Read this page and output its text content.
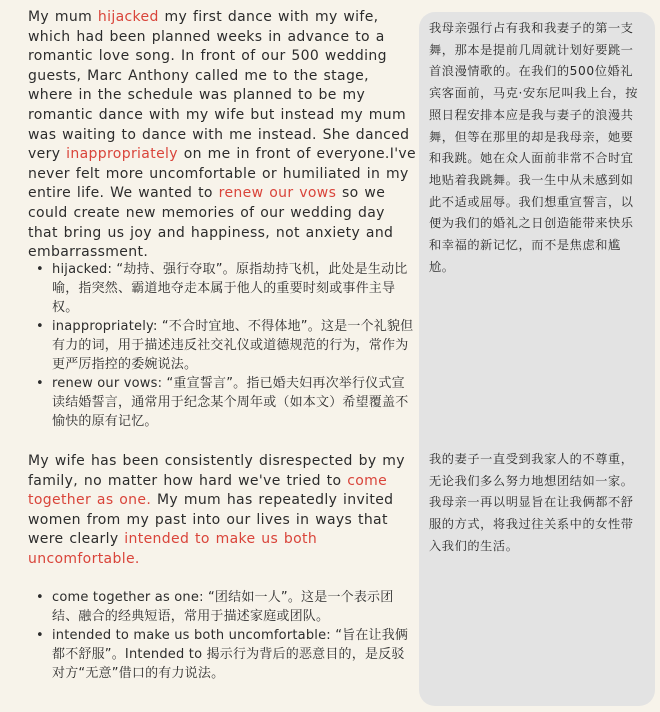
My mum hijacked my first dance with my wife, which had been planned weeks in advance to a romantic love song. In front of our 500 wedding guests, Marc Anthony called me to the stage, where in the schedule was planned to be my romantic dance with my wife but instead my mum was waiting to dance with me instead. She danced very inappropriately on me in front of everyone.I've never felt more uncomfortable or humiliated in my entire life. We wanted to renew our vows so we could create new memories of our wedding day that bring us joy and happiness, not anxiety and embarrassment.

• hijacked: “劫持、强行夺取”。原指劫持飞机，此处是生动比喻，指突然、霸道地夺走本属于他人的重要时刻或事件主导权。
• inappropriately: “不合时宜地、不得体地”。这是一个礼貌但有力的词，用于描述违反社交礼仪或道德规范的行为，常作为更严厉指控的委婉说法。
• renew our vows: “重宣誓言”。指已婚夫妇再次举行仪式宣读结婚誓言，通常用于纪念某个周年或（如本文）希望覆盖不愉快的原有记忆。

My wife has been consistently disrespected by my family, no matter how hard we've tried to come together as one. My mum has repeatedly invited women from my past into our lives in ways that were clearly intended to make us both uncomfortable.

• come together as one: “团结如一人”。这是一个表示团结、融合的经典短语，常用于描述家庭或团队。
• intended to make us both uncomfortable: “旨在让我俩都不舒服”。Intended to 揭示行为背后的恶意目的，是反驳对方“无意”借口的有力说法。

我母亲强行占有我和我妻子的第一支舞，那本是提前几周就计划好要跳一首浪漫情歌的。在我们的500位婚礼宾客面前，马克·安东尼叫我上台，按照日程安排本应是我与妻子的浪漫共舞，但等在那里的却是我母亲，她要和我跳。她在众人面前非常不合时宜地贴着我跳舞。我一生中从未感到如此不适或屈辱。我们想重宣誓言，以便为我们的婚礼之日创造能带来快乐和幸福的新记忆，而不是焦虑和尴尬。

我的妻子一直受到我家人的不尊重，无论我们多么努力地想团结如一家。我母亲一再以明显旨在让我俩都不舒服的方式，将我过往关系中的女性带入我们的生活。
